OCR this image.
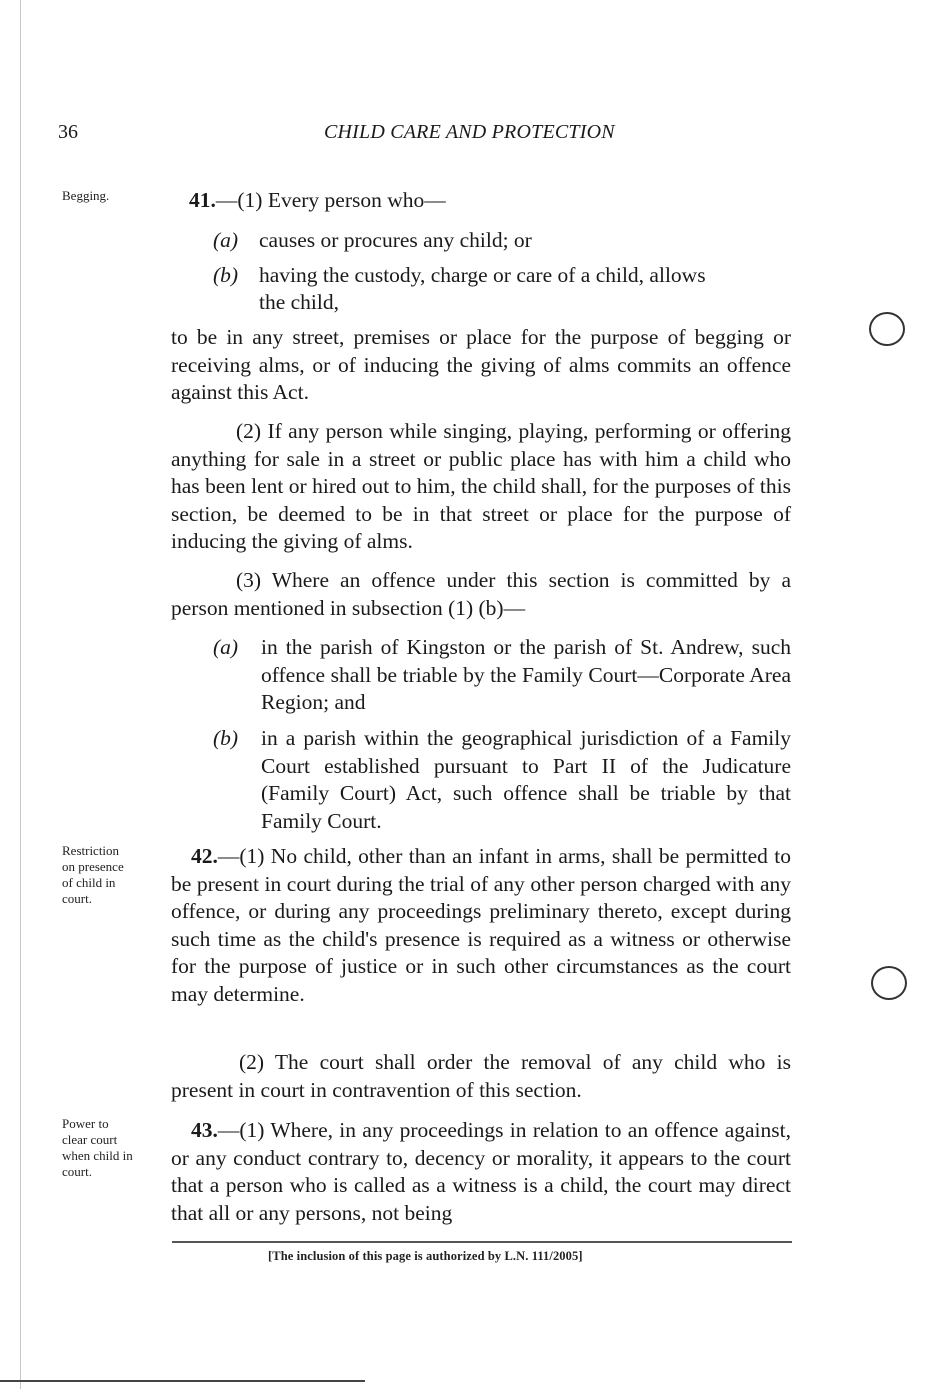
36	CHILD CARE AND PROTECTION
Begging.
Restriction
on presence
of child in
court.
Power to
clear court
when child in
court.
41.—(1) Every person who—
(a) causes or procures any child; or
(b) having the custody, charge or care of a child, allows
the child,
to be in any street, premises or place for the purpose of begging or receiving alms, or of inducing the giving of alms commits an offence against this Act.
(2) If any person while singing, playing, performing or offering anything for sale in a street or public place has with him a child who has been lent or hired out to him, the child shall, for the purposes of this section, be deemed to be in that street or place for the purpose of inducing the giving of alms.
(3) Where an offence under this section is committed by a person mentioned in subsection (1) (b)—
(a) in the parish of Kingston or the parish of St. Andrew, such offence shall be triable by the Family Court—Corporate Area Region; and
(b) in a parish within the geographical jurisdiction of a Family Court established pursuant to Part II of the Judicature (Family Court) Act, such offence shall be triable by that Family Court.
42.—(1) No child, other than an infant in arms, shall be permitted to be present in court during the trial of any other person charged with any offence, or during any proceedings preliminary thereto, except during such time as the child's presence is required as a witness or otherwise for the purpose of justice or in such other circumstances as the court may determine.
(2) The court shall order the removal of any child who is present in court in contravention of this section.
43.—(1) Where, in any proceedings in relation to an offence against, or any conduct contrary to, decency or morality, it appears to the court that a person who is called as a witness is a child, the court may direct that all or any persons, not being
[The inclusion of this page is authorized by L.N. 111/2005]
